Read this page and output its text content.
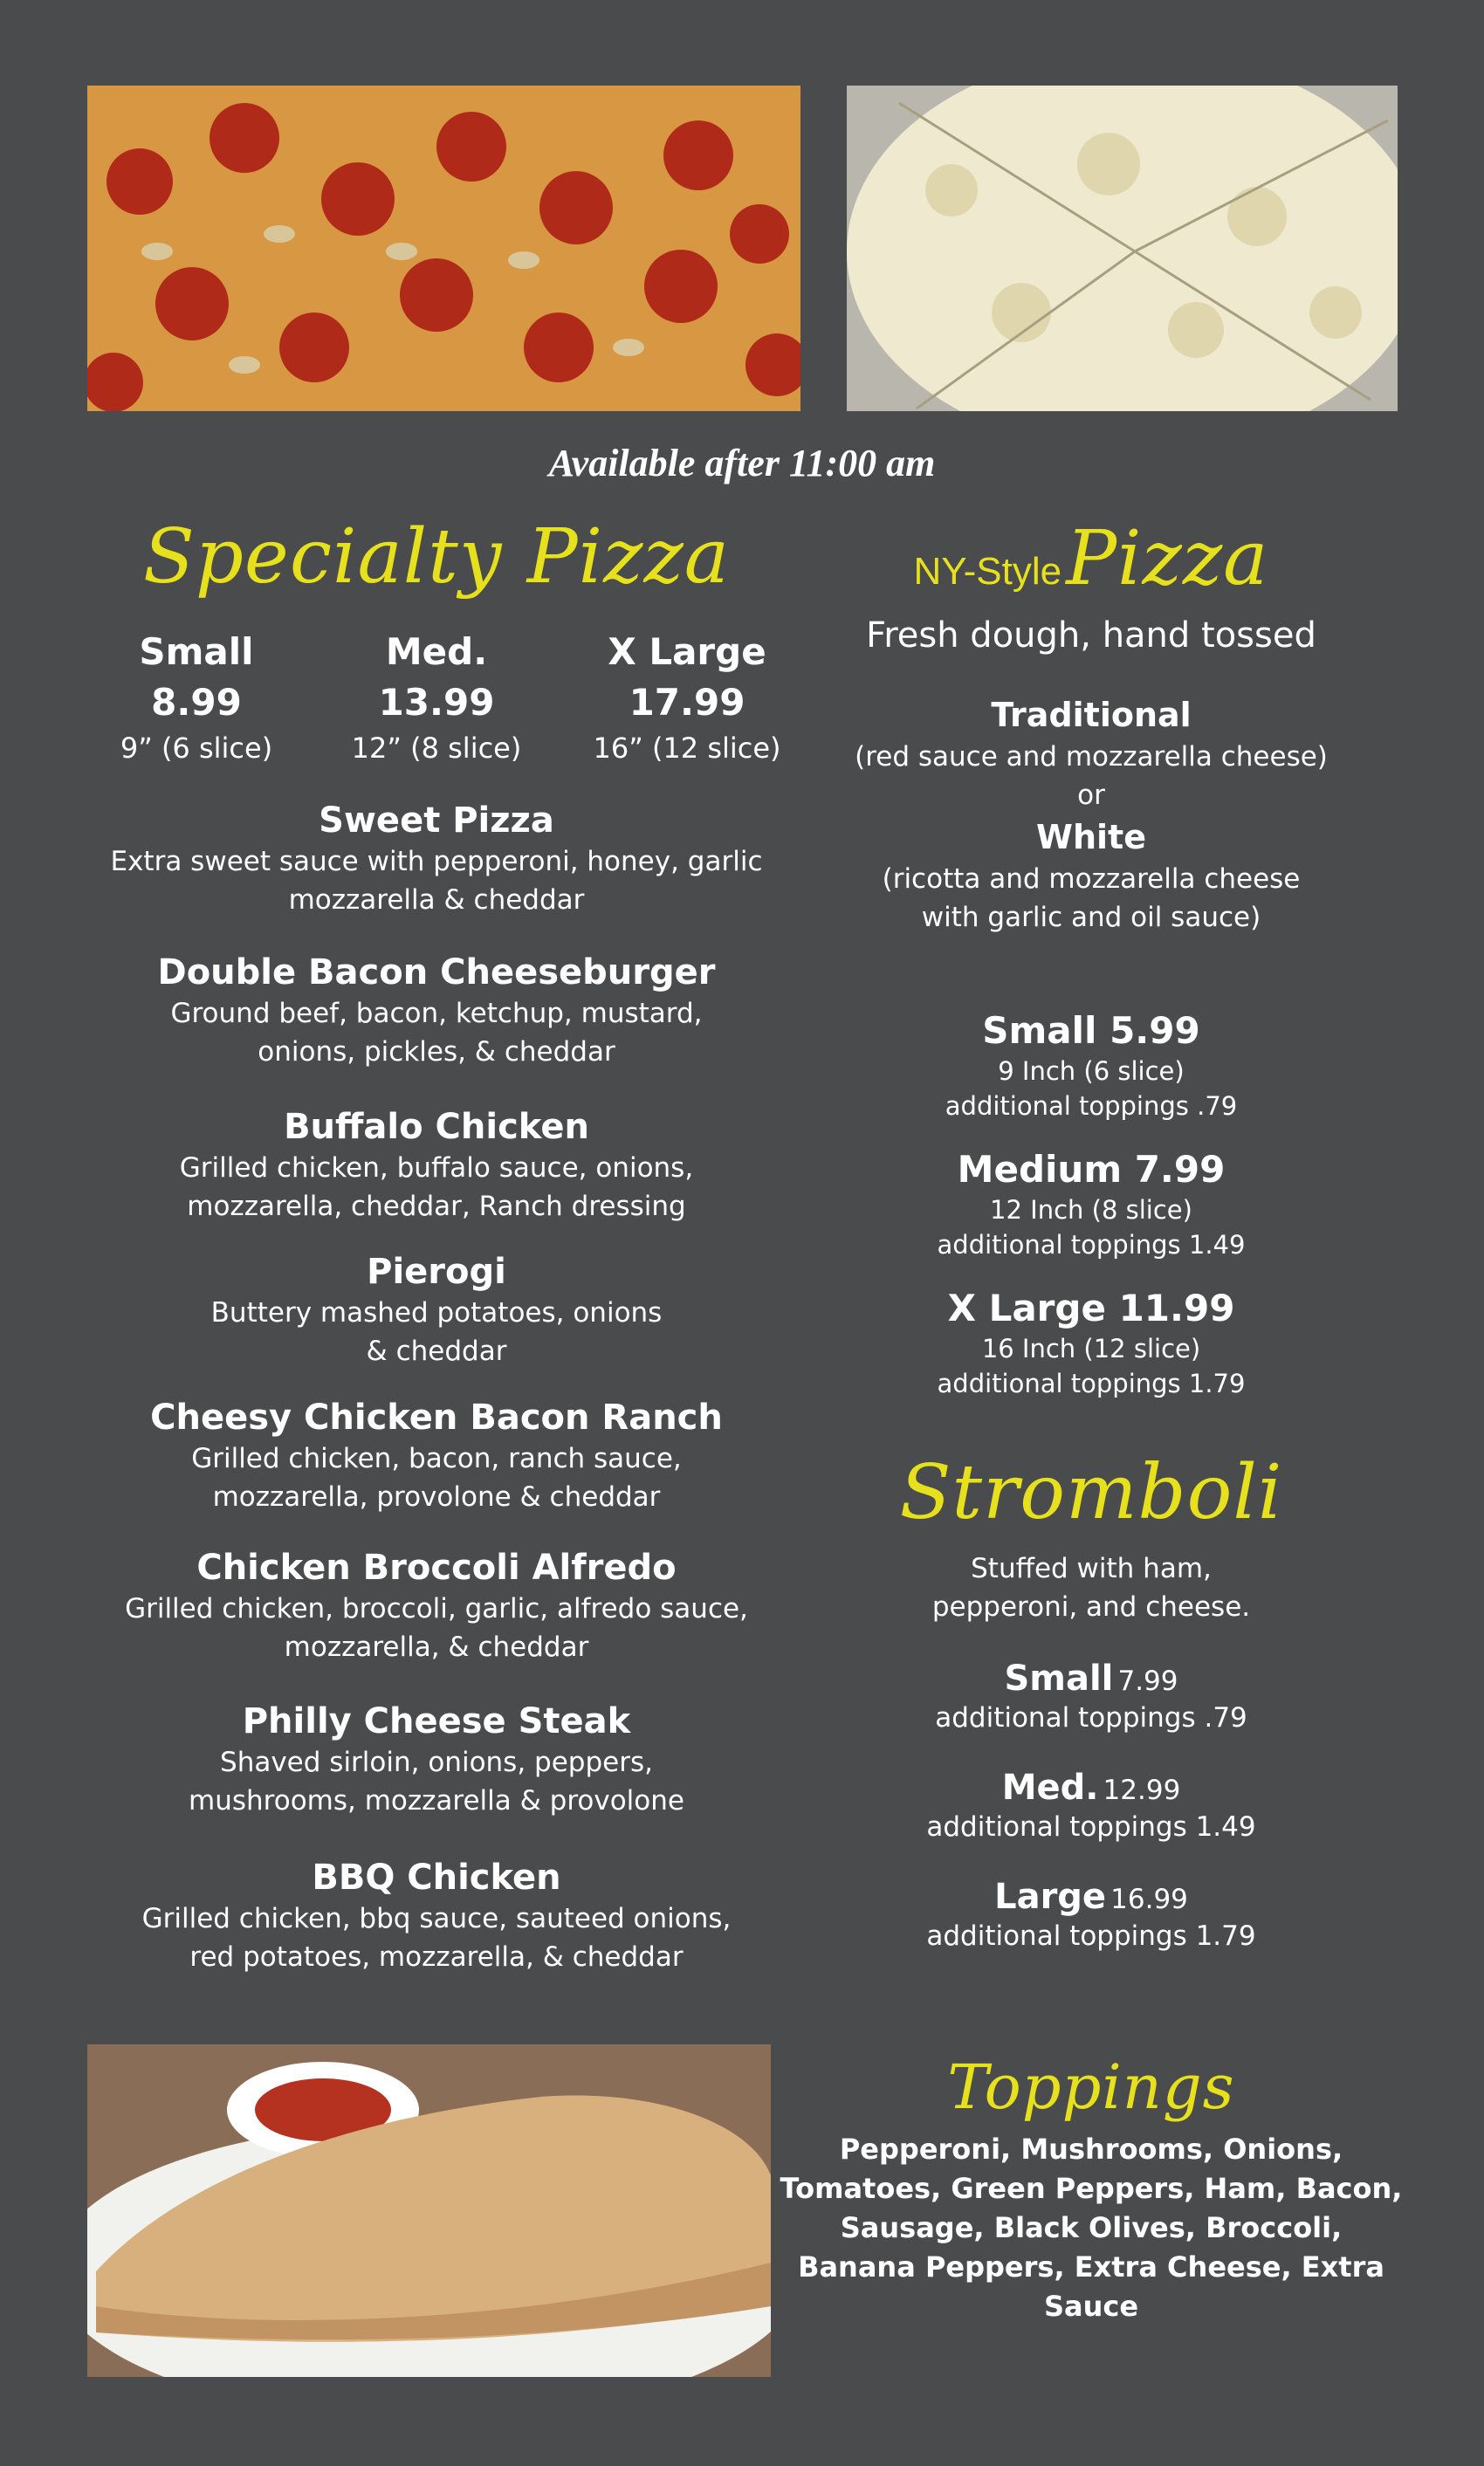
Available after 11:00 am
Specialty Pizza
Small
8.99
9” (6 slice)
Med.
13.99
12” (8 slice)
X Large
17.99
16” (12 slice)
Sweet Pizza
Extra sweet sauce with pepperoni, honey, garlic
mozzarella & cheddar
Double Bacon Cheeseburger
Ground beef, bacon, ketchup, mustard,
onions, pickles, & cheddar
Buffalo Chicken
Grilled chicken, buffalo sauce, onions,
mozzarella, cheddar, Ranch dressing
Pierogi
Buttery mashed potatoes, onions
& cheddar
Cheesy Chicken Bacon Ranch
Grilled chicken, bacon, ranch sauce,
mozzarella, provolone & cheddar
Chicken Broccoli Alfredo
Grilled chicken, broccoli, garlic, alfredo sauce,
mozzarella, & cheddar
Philly Cheese Steak
Shaved sirloin, onions, peppers,
mushrooms, mozzarella & provolone
BBQ Chicken
Grilled chicken, bbq sauce, sauteed onions,
red potatoes, mozzarella, & cheddar
NY-Style Pizza
Fresh dough, hand tossed
Traditional
(red sauce and mozzarella cheese)
or
White
(ricotta and mozzarella cheese
with garlic and oil sauce)
Small 5.99
9 Inch (6 slice)
additional toppings .79
Medium 7.99
12 Inch (8 slice)
additional toppings 1.49
X Large 11.99
16 Inch (12 slice)
additional toppings 1.79
Stromboli
Stuffed with ham,
pepperoni, and cheese.
Small 7.99
additional toppings .79
Med. 12.99
additional toppings 1.49
Large 16.99
additional toppings 1.79
Toppings
Pepperoni, Mushrooms, Onions,
Tomatoes, Green Peppers, Ham, Bacon,
Sausage, Black Olives, Broccoli,
Banana Peppers, Extra Cheese, Extra Sauce
